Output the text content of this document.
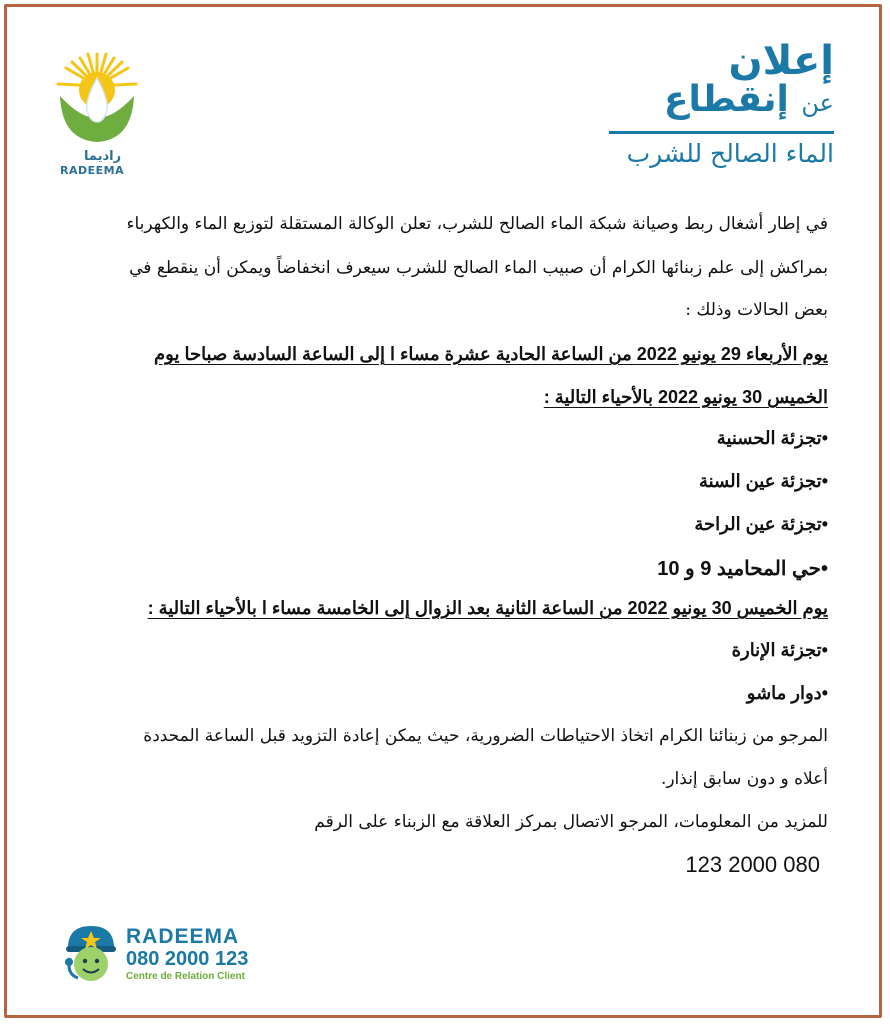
راديما
RADEEMA
إعلان
عن إنقطاع
الماء الصالح للشرب
في إطار أشغال ربط وصيانة شبكة الماء الصالح للشرب، تعلن الوكالة المستقلة لتوزيع الماء والكهرباء
بمراكش إلى علم زبنائها الكرام أن صبيب الماء الصالح للشرب سيعرف انخفاضاً ويمكن أن ينقطع في
بعض الحالات وذلك :
يوم الأربعاء 29 يونيو 2022 من الساعة الحادية عشرة مساء ا إلى الساعة السادسة صباحا يوم
الخميس 30 يونيو 2022 بالأحياء التالية :
•تجزئة الحسنية
•تجزئة عين السنة
•تجزئة عين الراحة
•حي المحاميد 9 و 10
يوم الخميس 30 يونيو 2022 من الساعة الثانية بعد الزوال إلى الخامسة مساء ا بالأحياء التالية :
•تجزئة الإنارة
•دوار ماشو
المرجو من زبنائنا الكرام اتخاذ الاحتياطات الضرورية، حيث يمكن إعادة التزويد قبل الساعة المحددة
أعلاه و دون سابق إنذار.
للمزيد من المعلومات، المرجو الاتصال بمركز العلاقة مع الزبناء على الرقم
080 2000 123
RADEEMA
080 2000 123
Centre de Relation Client
